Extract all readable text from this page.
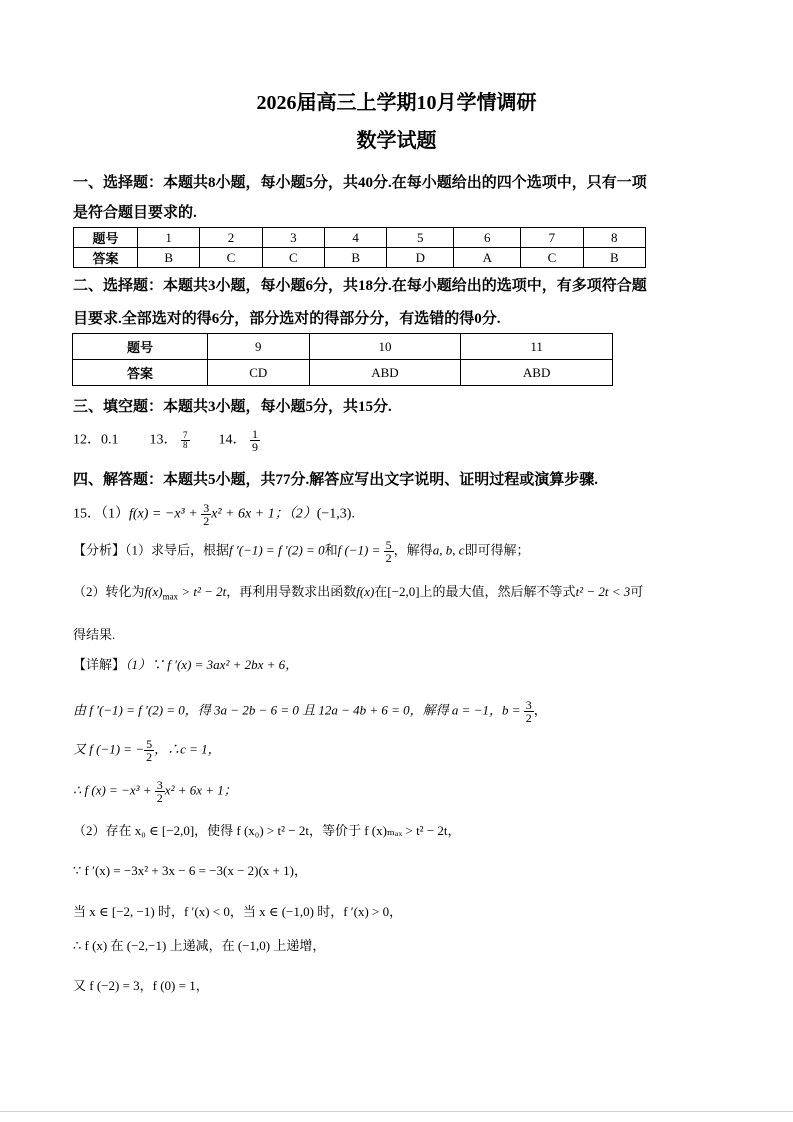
2026届高三上学期10月学情调研
数学试题
一、选择题：本题共8小题，每小题5分，共40分.在每小题给出的四个选项中，只有一项
是符合题目要求的.
题号	1	2	3	4	5	6	7	8
答案	B	C	C	B	D	A	C	B
二、选择题：本题共3小题，每小题6分，共18分.在每小题给出的选项中，有多项符合题
目要求.全部选对的得6分，部分选对的得部分分，有选错的得0分.
题号	9	10	11
答案	CD	ABD	ABD
三、填空题：本题共3小题，每小题5分，共15分.
12．0.1 13． $\frac{7}{8} 14$． $\frac{1}{9}$
四、解答题：本题共5小题，共77分.解答应写出文字说明、证明过程或演算步骤.
15．$(1)f(x) = -x^3 + \frac{3}{2} x^2 + 6x + 1$；（2）(−1,3).
【分析】（1）求导后，根据f ′(−1) = f ′(2) = 0和f $(-1) = \frac{5}{2}$ ，解得a, b, c即可得解；
（2）转化为$f(x)_{max} > t^2 - 2t$，再利用导数求出函数f(x)在[−2,0]上的最大值，然后解不等式t² − 2t < 3可
得结果.
【详解】（1）∵ f ′(x) = 3ax² + 2bx + 6，
由 f ′(−1) = f ′(2) = 0，得 3a − 2b − 6 = 0 且 12a − 4b + 6 = 0，解得 a = −1，$b = \frac{3}{2}$ ，
又 f (−1) = − $\frac{5}{2}$ ，∴c = 1，
∴ f $(x) = -x^3 + \frac{3}{2} x^2 + 6x + 1$；
（2）存在 x₀ ∈ [−2,0]，使得 f (x₀) > t² − 2t，等价于 f (x)ₘₐₓ > t² − 2t，
∵ f ′(x) = −3x² + 3x − 6 = −3(x − 2)(x + 1)，
当 x ∈ [−2, −1) 时，f ′(x) < 0，当 x ∈ (−1,0) 时，f ′(x) > 0，
∴ f (x) 在 (−2,−1) 上递减，在 (−1,0) 上递增，
又 f (−2) = 3，f (0) = 1，
